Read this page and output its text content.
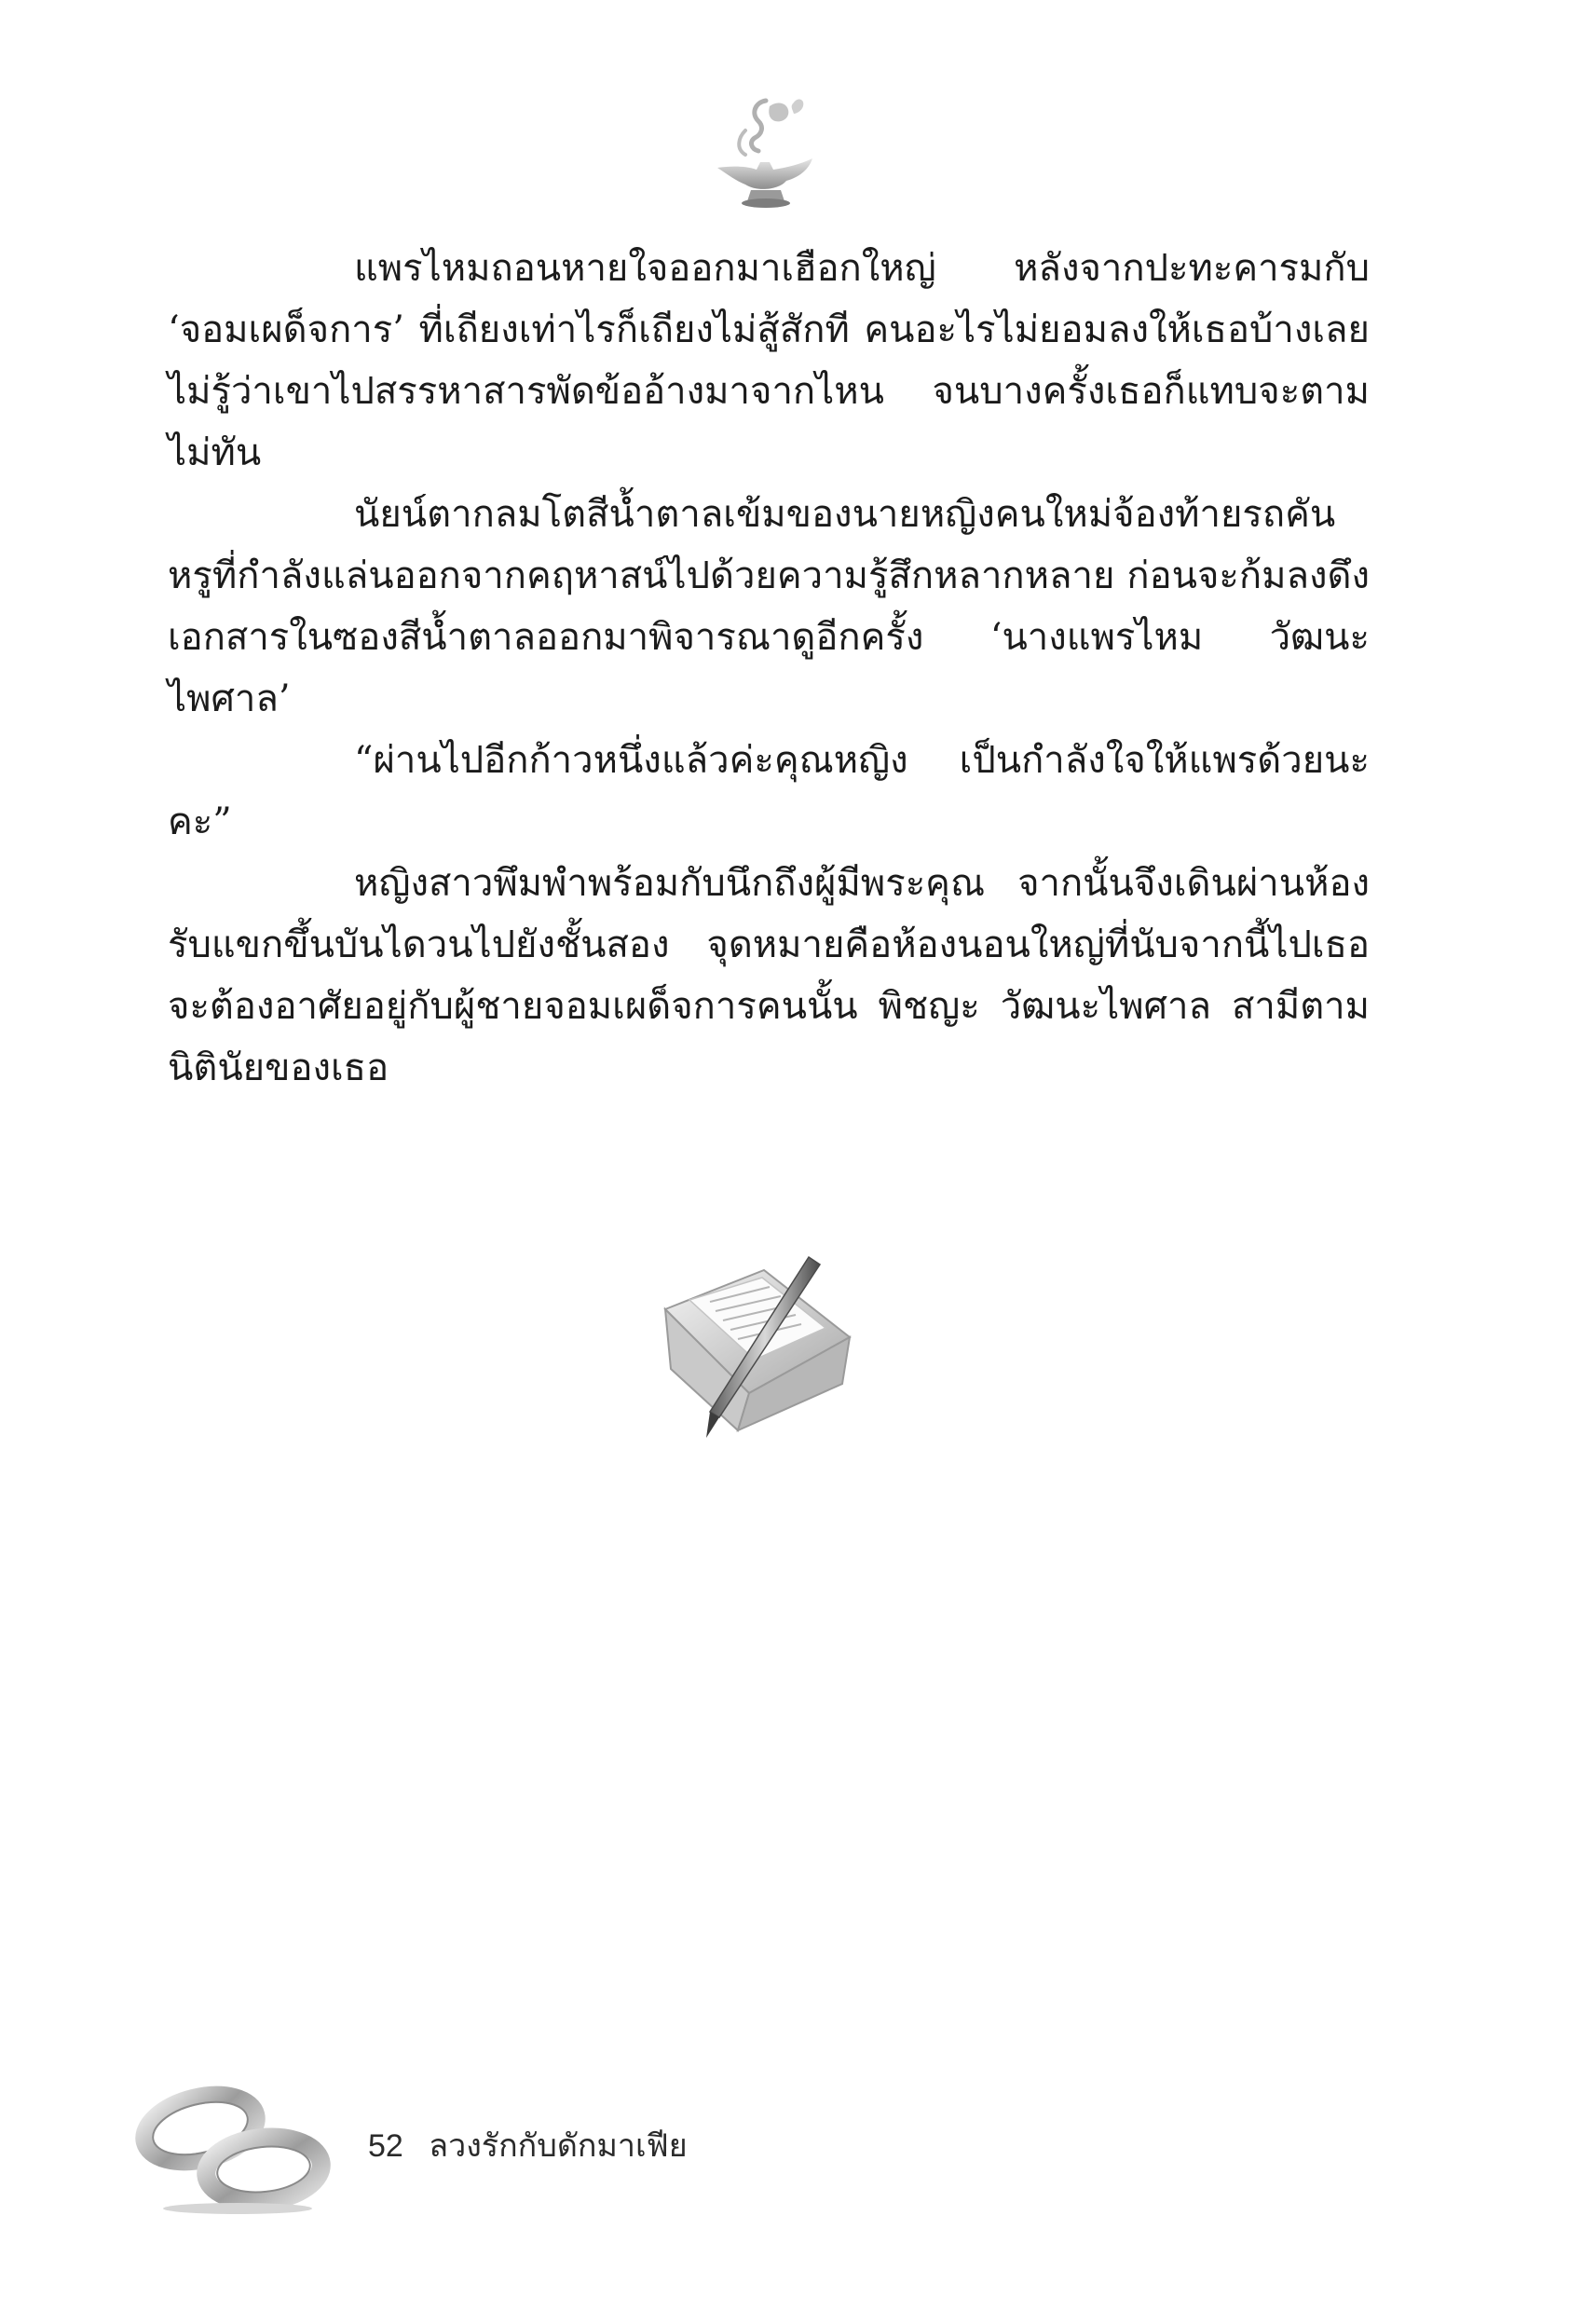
แพรไหมถอนหายใจออกมาเฮือกใหญ่ หลังจากปะทะคารมกับ ‘จอมเผด็จการ’ ที่เถียงเท่าไรก็เถียงไม่สู้สักที คนอะไรไม่ยอมลงให้เธอบ้างเลย ไม่รู้ว่าเขาไปสรรหาสารพัดข้ออ้างมาจากไหน จนบางครั้งเธอก็แทบจะตามไม่ทัน

นัยน์ตากลมโตสีน้ำตาลเข้มของนายหญิงคนใหม่จ้องท้ายรถคันหรูที่กำลังแล่นออกจากคฤหาสน์ไปด้วยความรู้สึกหลากหลาย ก่อนจะก้มลงดึงเอกสารในซองสีน้ำตาลออกมาพิจารณาดูอีกครั้ง ‘นางแพรไหม วัฒนะไพศาล’

“ผ่านไปอีกก้าวหนึ่งแล้วค่ะคุณหญิง เป็นกำลังใจให้แพรด้วยนะคะ”

หญิงสาวพึมพำพร้อมกับนึกถึงผู้มีพระคุณ จากนั้นจึงเดินผ่านห้องรับแขกขึ้นบันไดวนไปยังชั้นสอง จุดหมายคือห้องนอนใหญ่ที่นับจากนี้ไปเธอจะต้องอาศัยอยู่กับผู้ชายจอมเผด็จการคนนั้น พิชญะ วัฒนะไพศาล สามีตามนิตินัยของเธอ

52 ลวงรักกับดักมาเฟีย
